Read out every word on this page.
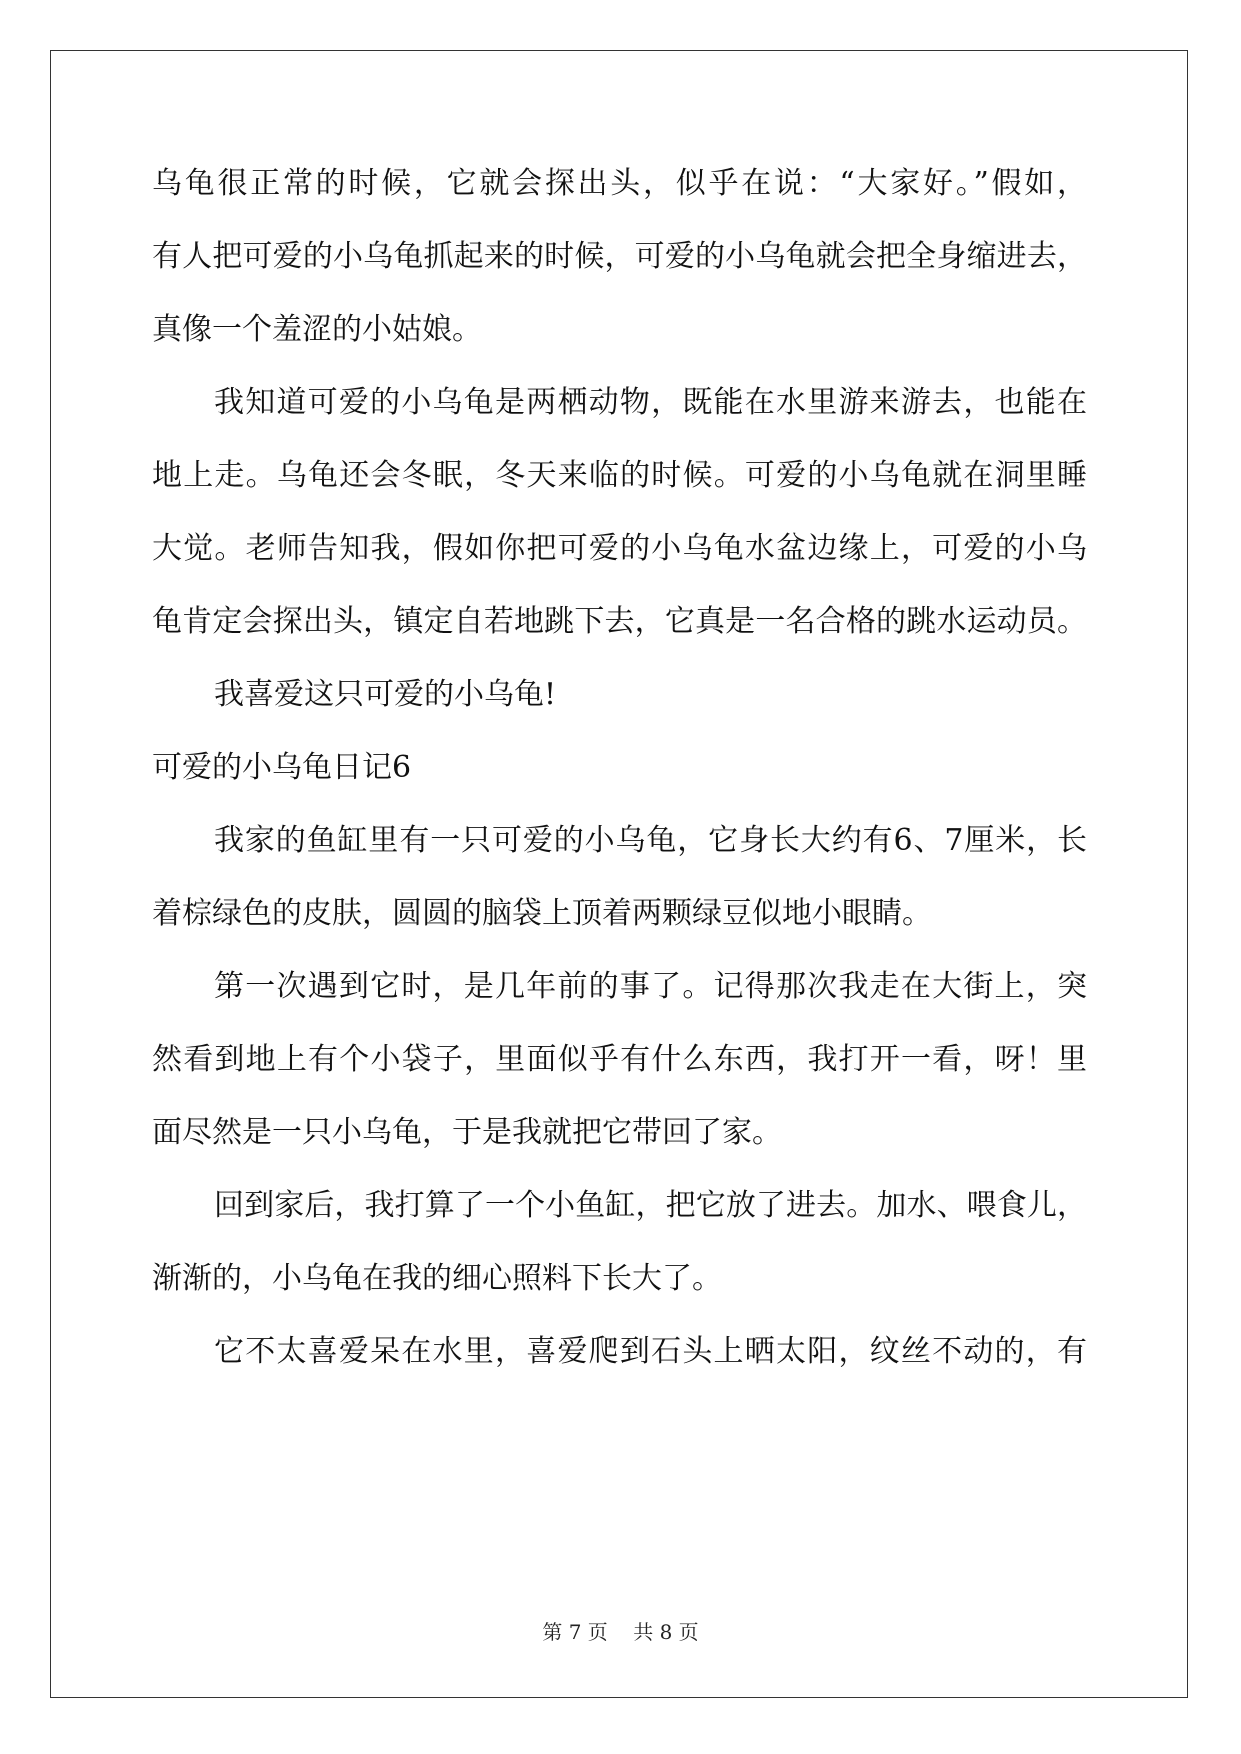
乌龟很正常的时候，它就会探出头，似乎在说：“大家好。”假如，
有人把可爱的小乌龟抓起来的时候，可爱的小乌龟就会把全身缩进去，
真像一个羞涩的小姑娘。
我知道可爱的小乌龟是两栖动物，既能在水里游来游去，也能在
地上走。乌龟还会冬眠，冬天来临的时候。可爱的小乌龟就在洞里睡
大觉。老师告知我，假如你把可爱的小乌龟水盆边缘上，可爱的小乌
龟肯定会探出头，镇定自若地跳下去，它真是一名合格的跳水运动员。
我喜爱这只可爱的小乌龟!
可爱的小乌龟日记6
我家的鱼缸里有一只可爱的小乌龟，它身长大约有6、7厘米，长
着棕绿色的皮肤，圆圆的脑袋上顶着两颗绿豆似地小眼睛。
第一次遇到它时，是几年前的事了。记得那次我走在大街上，突
然看到地上有个小袋子，里面似乎有什么东西，我打开一看，呀！里
面尽然是一只小乌龟，于是我就把它带回了家。
回到家后，我打算了一个小鱼缸，把它放了进去。加水、喂食儿，
渐渐的，小乌龟在我的细心照料下长大了。
它不太喜爱呆在水里，喜爱爬到石头上晒太阳，纹丝不动的，有
第 7 页    共 8 页
